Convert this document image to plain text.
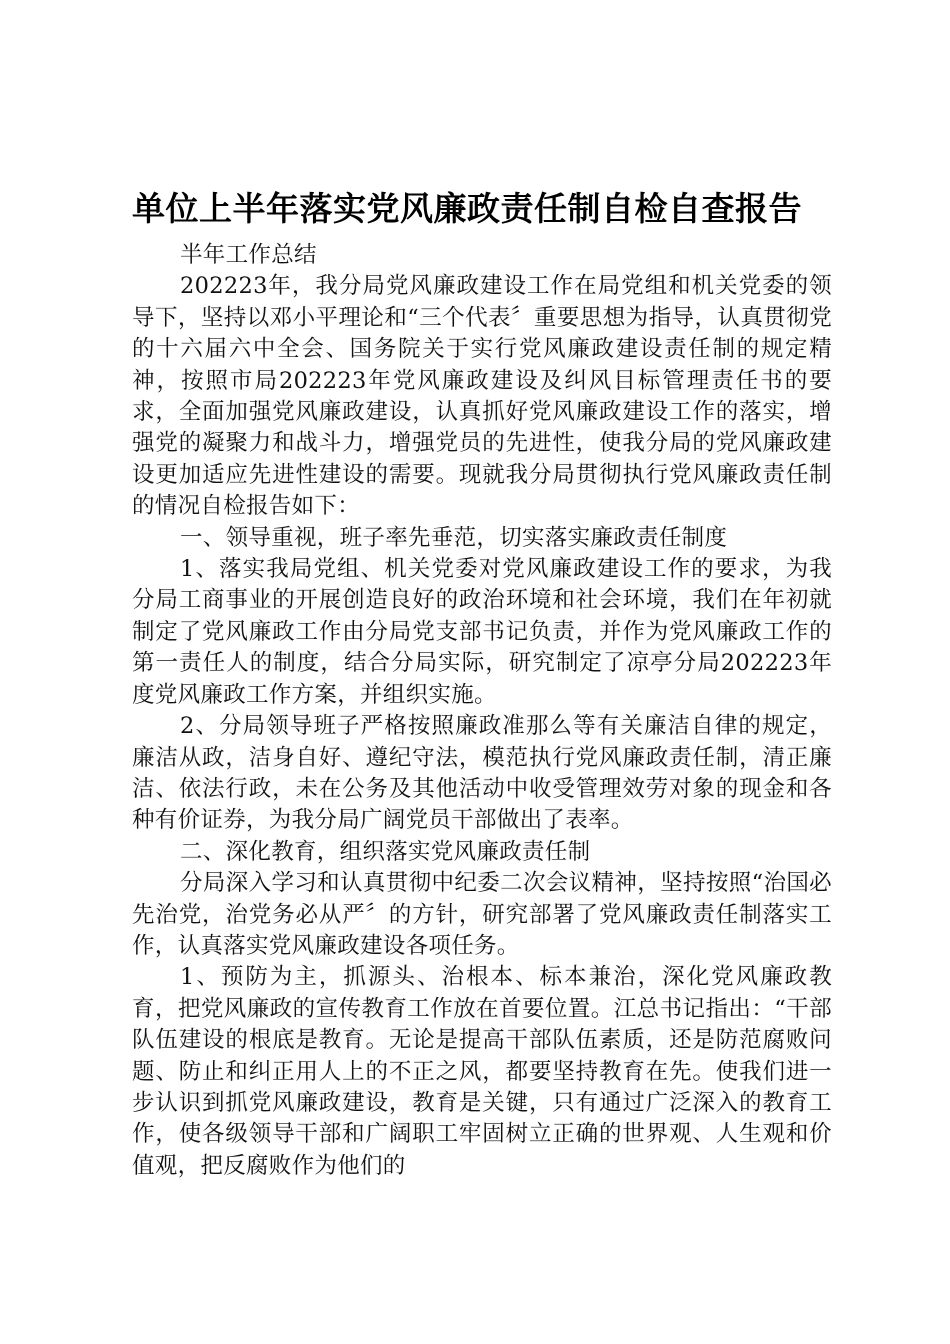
单位上半年落实党风廉政责任制自检自查报告

半年工作总结

202223年，我分局党风廉政建设工作在局党组和机关党委的领导下，坚持以邓小平理论和“三个代表〞重要思想为指导，认真贯彻党的十六届六中全会、国务院关于实行党风廉政建设责任制的规定精神，按照市局202223年党风廉政建设及纠风目标管理责任书的要求，全面加强党风廉政建设，认真抓好党风廉政建设工作的落实，增强党的凝聚力和战斗力，增强党员的先进性，使我分局的党风廉政建设更加适应先进性建设的需要。现就我分局贯彻执行党风廉政责任制的情况自检报告如下：

一、领导重视，班子率先垂范，切实落实廉政责任制度

1、落实我局党组、机关党委对党风廉政建设工作的要求，为我分局工商事业的开展创造良好的政治环境和社会环境，我们在年初就制定了党风廉政工作由分局党支部书记负责，并作为党风廉政工作的第一责任人的制度，结合分局实际，研究制定了凉亭分局202223年度党风廉政工作方案，并组织实施。

2、分局领导班子严格按照廉政准那么等有关廉洁自律的规定，廉洁从政，洁身自好、遵纪守法，模范执行党风廉政责任制，清正廉洁、依法行政，未在公务及其他活动中收受管理效劳对象的现金和各种有价证券，为我分局广阔党员干部做出了表率。

二、深化教育，组织落实党风廉政责任制

分局深入学习和认真贯彻中纪委二次会议精神，坚持按照“治国必先治党，治党务必从严〞的方针，研究部署了党风廉政责任制落实工作，认真落实党风廉政建设各项任务。

1、预防为主，抓源头、治根本、标本兼治，深化党风廉政教育，把党风廉政的宣传教育工作放在首要位置。江总书记指出：“干部队伍建设的根底是教育。无论是提高干部队伍素质，还是防范腐败问题、防止和纠正用人上的不正之风，都要坚持教育在先。使我们进一步认识到抓党风廉政建设，教育是关键，只有通过广泛深入的教育工作，使各级领导干部和广阔职工牢固树立正确的世界观、人生观和价值观，把反腐败作为他们的
